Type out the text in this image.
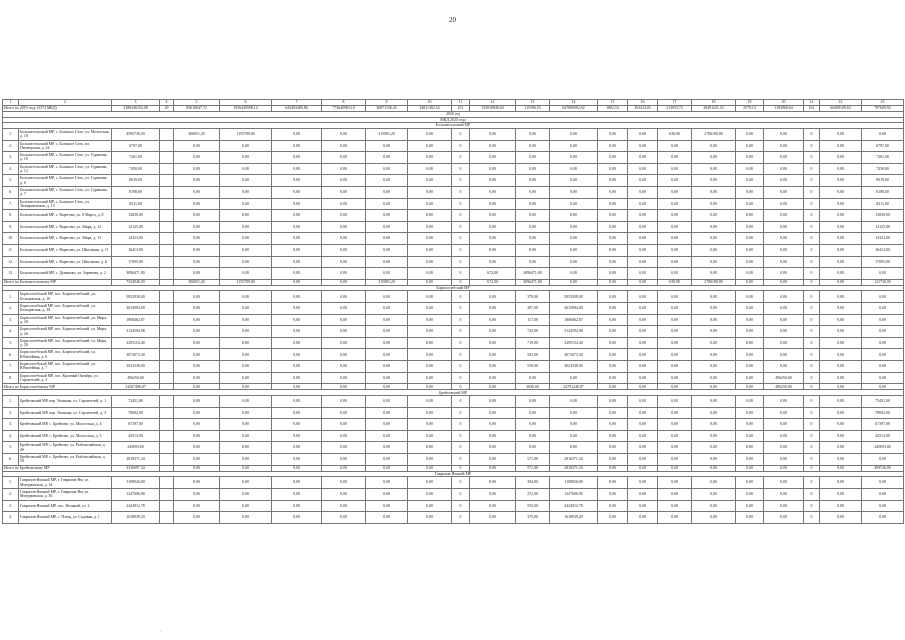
20
1	2	3	4	5	6	7	8	9	10	11	12	13	14	15	16	17	18	19	20	21	22	23
Итого по 2019 году (3374 МКД)		3180346102,08	29	83616047,72	1956430598,12	643483480,86	773640983,10	36871156,43	34811382,52	251	535810848,04	115596,53	647869592,92	1802,53	292224,03	213053,72	28491231,52	2579,13	1193968,64	161	66408109,63	787609,92
2020 год																						
МКД 2020 года																						
Большесельский МР																						
1.	Большесельский МР, с. Большое Село, ул. Мологская, д. 18	4595736,50		306051,20	1155789,80	0,00	0,00	315081,20	0,00	0	0,00	0,00	0,00	0,00	0,00	638,90	2780180,80	0,00	0,00	0	0,00	0,00
2.	Большесельский МР, с. Большое Село, пл. Пионерская, д. 24	6797,00		0,00	0,00	0,00	0,00	0,00	0,00	0	0,00	0,00	0,00	0,00	0,00	0,00	0,00	0,00	0,00	0	0,00	6797,00
3.	Большесельский МР, с. Большое Село, ул. Сурикова, д. 10	7261,00		0,00	0,00	0,00	0,00	0,00	0,00	0	0,00	0,00	0,00	0,00	0,00	0,00	0,00	0,00	0,00	0	0,00	7261,00
4.	Большесельский МР, с. Большое Село, ул. Сурикова, д. 12	7458,00		0,00	0,00	0,00	0,00	0,00	0,00	0	0,00	0,00	0,00	0,00	0,00	0,00	0,00	0,00	0,00	0	0,00	7458,00
5.	Большесельский МР, с. Большое Село, ул. Сурикова, д. 6	8019,00		0,00	0,00	0,00	0,00	0,00	0,00	0	0,00	0,00	0,00	0,00	0,00	0,00	0,00	0,00	0,00	0	0,00	8019,00
6.	Большесельский МР, с. Большое Село, ул. Сурикова, д. 7	8198,00		0,00	0,00	0,00	0,00	0,00	0,00	0	0,00	0,00	0,00	0,00	0,00	0,00	0,00	0,00	0,00	0	0,00	8198,00
7.	Большесельский МР, с. Большое Село, ул. Тимирязевская, д. 13	8211,00		0,00	0,00	0,00	0,00	0,00	0,00	0	0,00	0,00	0,00	0,00	0,00	0,00	0,00	0,00	0,00	0	0,00	8211,00
8.	Большесельский МР, с. Варегово, ул. 8 Марта, д. 8	13830,00		0,00	0,00	0,00	0,00	0,00	0,00	0	0,00	0,00	0,00	0,00	0,00	0,00	0,00	0,00	0,00	0	0,00	13830,00
9.	Большесельский МР, с. Варегово, ул. Мира, д. 12	14125,00		0,00	0,00	0,00	0,00	0,00	0,00	0	0,00	0,00	0,00	0,00	0,00	0,00	0,00	0,00	0,00	0	0,00	14125,00
10.	Большесельский МР, с. Варегово, ул. Мира, д. 13	14323,00		0,00	0,00	0,00	0,00	0,00	0,00	0	0,00	0,00	0,00	0,00	0,00	0,00	0,00	0,00	0,00	0	0,00	14323,00
11.	Большесельский МР, с. Варегово, ул. Школьная, д. 11	16413,00		0,00	0,00	0,00	0,00	0,00	0,00	0	0,00	0,00	0,00	0,00	0,00	0,00	0,00	0,00	0,00	0	0,00	16413,00
12.	Большесельский МР, с. Варегово, ул. Школьная, д. 6	17095,00		0,00	0,00	0,00	0,00	0,00	0,00	0	0,00	0,00	0,00	0,00	0,00	0,00	0,00	0,00	0,00	0	0,00	17095,00
13.	Большесельский МР, с. Дуниково, ул. Заречная, д. 2	3096471,00		0,00	0,00	0,00	0,00	0,00	0,00	0	672,00	3096471,00	0,00	0,00	0,00	0,00	0,00	0,00	0,00	0	0,00	0,00
Итого по Большесельскому МР		7334946,50		306051,20	1155789,80	0,00	0,00	315081,20	0,00	0	672,00	3096471,00	0,00	0,00	0,00	638,90	2780180,80	0,00	0,00	0	0,00	121730,00
Борисоглебский МР																						
1.	Борисоглебский МР, пос. Борисоглебский, ул. Бельцевская, д. 10	5852938,00		0,00	0,00	0,00	0,00	0,00	0,00	0	0,00	378,00	5852938,00	0,00	0,00	0,00	0,00	0,00	0,00	0	0,00	0,00
2.	Борисоглебский МР, пос. Борисоглебский, ул. Бельцевская, д. 38	3615094,00		0,00	0,00	0,00	0,00	0,00	0,00	0	0,00	387,00	3615094,00	0,00	0,00	0,00	0,00	0,00	0,00	0	0,00	0,00
3.	Борисоглебский МР, пос. Борисоглебский, ул. Мира, д. 20	1808462,87		0,00	0,00	0,00	0,00	0,00	0,00	0	0,00	117,00	1808462,87	0,00	0,00	0,00	0,00	0,00	0,00	0	0,00	0,00
4.	Борисоглебский МР, пос. Борисоглебский, ул. Мира, д. 26	3124594,98		0,00	0,00	0,00	0,00	0,00	0,00	0	0,00	725,00	3124594,98	0,00	0,00	0,00	0,00	0,00	0,00	0	0,00	0,00
5.	Борисоглебский МР, пос. Борисоглебский, ул. Мира, д. 28	3295154,40		0,00	0,00	0,00	0,00	0,00	0,00	0	0,00	719,00	3295154,40	0,00	0,00	0,00	0,00	0,00	0,00	0	0,00	0,00
6.	Борисоглебский МР, пос. Борисоглебский, ул. Юбилейная, д. 6	3073073,30		0,00	0,00	0,00	0,00	0,00	0,00	0	0,00	503,00	3073073,30	0,00	0,00	0,00	0,00	0,00	0,00	0	0,00	0,00
7.	Борисоглебский МР, пос. Борисоглебский, ул. Юбилейная, д. 7	3023538,00		0,00	0,00	0,00	0,00	0,00	0,00	0	0,00	550,00	3023538,00	0,00	0,00	0,00	0,00	0,00	0,00	0	0,00	0,00
8.	Борисоглебский МР, пос. Красный Октябрь, ул. Строителей, д. 3	496250,00		0,00	0,00	0,00	0,00	0,00	0,00	0	0,00	0,00	0,00	0,00	0,00	0,00	0,00	0,00	496250,00	0	0,00	0,00
Итого по Борисоглебскому МР		23287496,87		0,00	0,00	0,00	0,00	0,00	0,00	0	0,00	3836,00	22791246,87	0,00	0,00	0,00	0,00	0,00	496250,00	0	0,00	0,00
Брейтовский МР																						
1.	Брейтовский МР, пер. Ушакова, ул. Строителей, д. 1	73431,00		0,00	0,00	0,00	0,00	0,00	0,00	0	0,00	0,00	0,00	0,00	0,00	0,00	0,00	0,00	0,00	0	0,00	73431,00
2.	Брейтовский МР, пер. Ушакова, ул. Строителей, д. 3	70692,00		0,00	0,00	0,00	0,00	0,00	0,00	0	0,00	0,00	0,00	0,00	0,00	0,00	0,00	0,00	0,00	0	0,00	70692,00
3.	Брейтовский МР, с. Брейтово, ул. Мологская, д. 4	67397,00		0,00	0,00	0,00	0,00	0,00	0,00	0	0,00	0,00	0,00	0,00	0,00	0,00	0,00	0,00	0,00	0	0,00	67397,00
4.	Брейтовский МР, с. Брейтово, ул. Мологская, д. 5	42513,00		0,00	0,00	0,00	0,00	0,00	0,00	0	0,00	0,00	0,00	0,00	0,00	0,00	0,00	0,00	0,00	0	0,00	42513,00
5.	Брейтовский МР, с. Брейтово, ул. Рыбохозяйская, д. 4б	245693,00		0,00	0,00	0,00	0,00	0,00	0,00	0	0,00	0,00	0,00	0,00	0,00	0,00	0,00	0,00	0,00	0	0,00	245693,00
6.	Брейтовский МР, с. Брейтово, ул. Рыбохозяйская, д. 50	2816371,34		0,00	0,00	0,00	0,00	0,00	0,00	0	0,00	571,00	2816371,34	0,00	0,00	0,00	0,00	0,00	0,00	0	0,00	0,00
Итого по Брейтовскому МР		3316097,34		0,00	0,00	0,00	0,00	0,00	0,00	0	0,00	571,00	2816371,34	0,00	0,00	0,00	0,00	0,00	0,00	0	0,00	499726,00
Гаврилов-Ямский МР																						
1.	Гаврилов-Ямский МР, г. Гаврилов-Ям, ул. Мичуринская, д. 34	1108926,00		0,00	0,00	0,00	0,00	0,00	0,00	0	0,00	394,00	1108926,00	0,00	0,00	0,00	0,00	0,00	0,00	0	0,00	0,00
2.	Гаврилов-Ямский МР, г. Гаврилов-Ям, ул. Мичуринская, д. 36	1247606,90		0,00	0,00	0,00	0,00	0,00	0,00	0	0,00	271,00	1247606,90	0,00	0,00	0,00	0,00	0,00	0,00	0	0,00	0,00
3.	Гаврилов-Ямский МР, пос. Великий, ул. 2	2424912,78		0,00	0,00	0,00	0,00	0,00	0,00	0	0,00	555,00	2424912,78	0,00	0,00	0,00	0,00	0,00	0,00	0	0,00	0,00
4.	Гаврилов-Ямский МР, с. Плещ, ул. Садовая, д. 1	1618039,20		0,00	0,00	0,00	0,00	0,00	0,00	0	0,00	375,00	1618039,20	0,00	0,00	0,00	0,00	0,00	0,00	0	0,00	0,00
·
